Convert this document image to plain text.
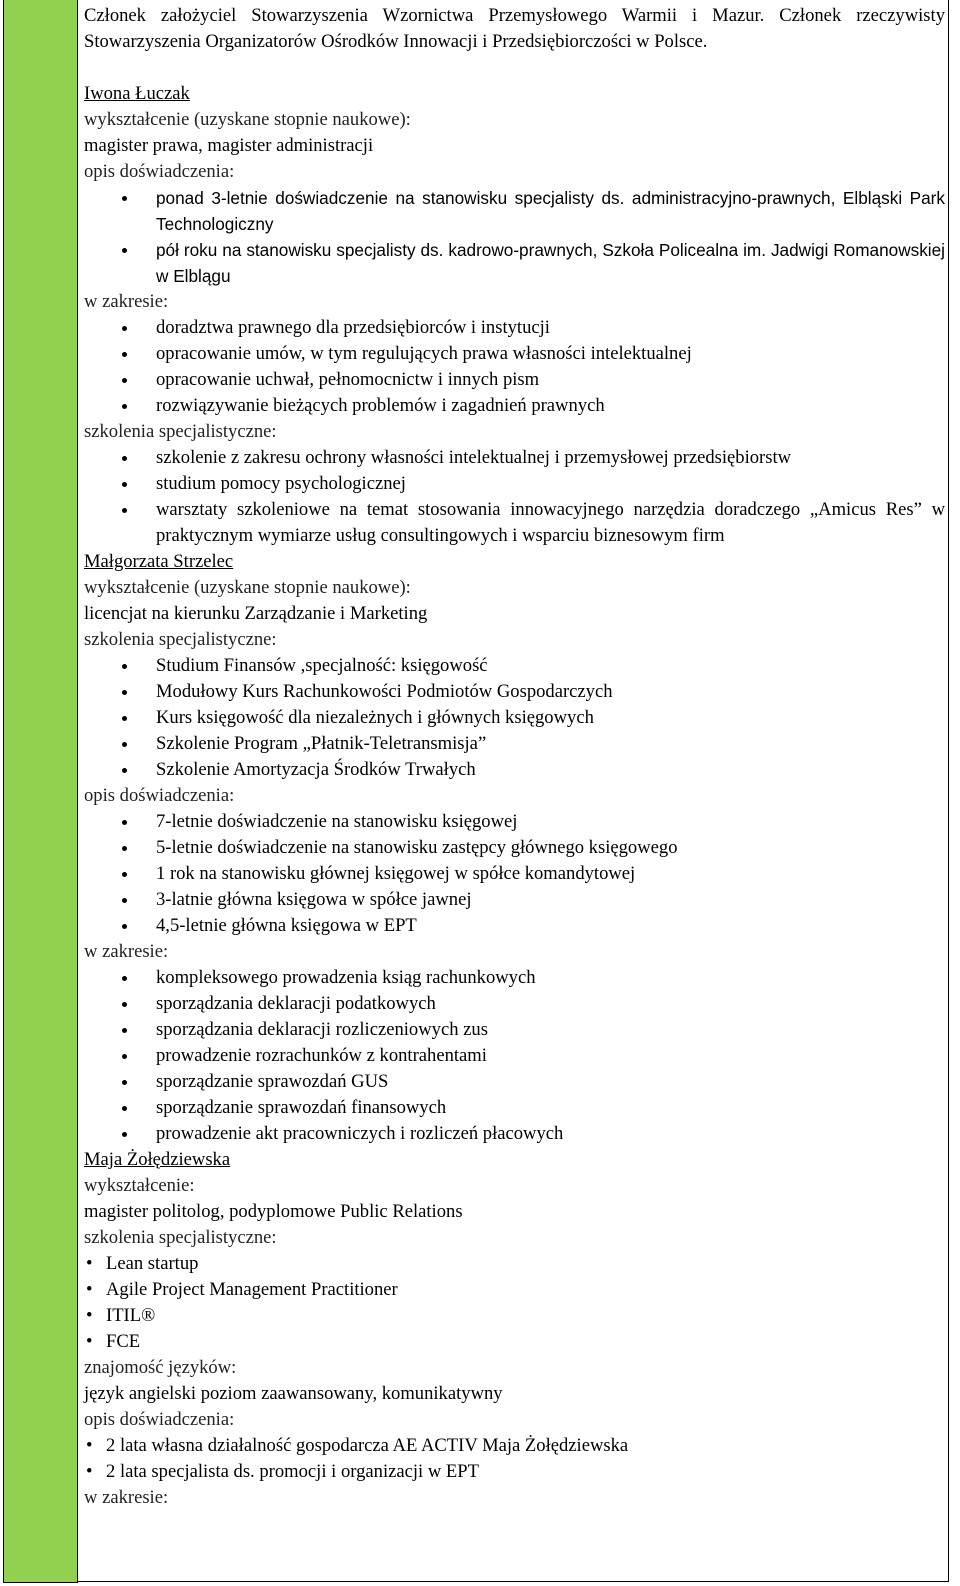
Członek założyciel Stowarzyszenia Wzornictwa Przemysłowego Warmii i Mazur. Członek rzeczywisty Stowarzyszenia Organizatorów Ośrodków Innowacji i Przedsiębiorczości w Polsce.

Iwona Łuczak

wykształcenie (uzyskane stopnie naukowe):

magister prawa, magister administracji

opis doświadczenia:

ponad 3-letnie doświadczenie na stanowisku specjalisty ds. administracyjno-prawnych, Elbląski Park Technologiczny
pół roku na stanowisku specjalisty ds. kadrowo-prawnych, Szkoła Policealna im. Jadwigi Romanowskiej w Elblągu

w zakresie:

doradztwa prawnego dla przedsiębiorców i instytucji
opracowanie umów, w tym regulujących prawa własności intelektualnej
opracowanie uchwał, pełnomocnictw i innych pism
rozwiązywanie bieżących problemów i zagadnień prawnych

szkolenia specjalistyczne:

szkolenie z zakresu ochrony własności intelektualnej i przemysłowej przedsiębiorstw
studium pomocy psychologicznej
warsztaty szkoleniowe na temat stosowania innowacyjnego narzędzia doradczego „Amicus Res” w praktycznym wymiarze usług consultingowych i wsparciu biznesowym firm

Małgorzata Strzelec

wykształcenie (uzyskane stopnie naukowe):

licencjat na kierunku Zarządzanie i Marketing

szkolenia specjalistyczne:

Studium Finansów ,specjalność: księgowość
Modułowy Kurs Rachunkowości Podmiotów Gospodarczych
Kurs księgowość dla niezależnych i głównych księgowych
Szkolenie Program „Płatnik-Teletransmisja”
Szkolenie Amortyzacja Środków Trwałych

opis doświadczenia:

7-letnie doświadczenie na stanowisku księgowej
5-letnie doświadczenie na stanowisku zastępcy głównego księgowego
1 rok na stanowisku głównej księgowej w spółce komandytowej
3-latnie główna księgowa w spółce jawnej
4,5-letnie główna księgowa w EPT

w zakresie:

kompleksowego prowadzenia ksiąg rachunkowych
sporządzania deklaracji podatkowych
sporządzania deklaracji rozliczeniowych zus
prowadzenie rozrachunków z kontrahentami
sporządzanie sprawozdań GUS
sporządzanie sprawozdań finansowych
prowadzenie akt pracowniczych i rozliczeń płacowych

Maja Żołędziewska

wykształcenie:

magister politolog, podyplomowe Public Relations

szkolenia specjalistyczne:

• Lean startup
• Agile Project Management Practitioner
• ITIL®
• FCE

znajomość języków:

język angielski poziom zaawansowany, komunikatywny

opis doświadczenia:

• 2 lata własna działalność gospodarcza AE ACTIV Maja Żołędziewska
• 2 lata specjalista ds. promocji i organizacji w EPT

w zakresie:
